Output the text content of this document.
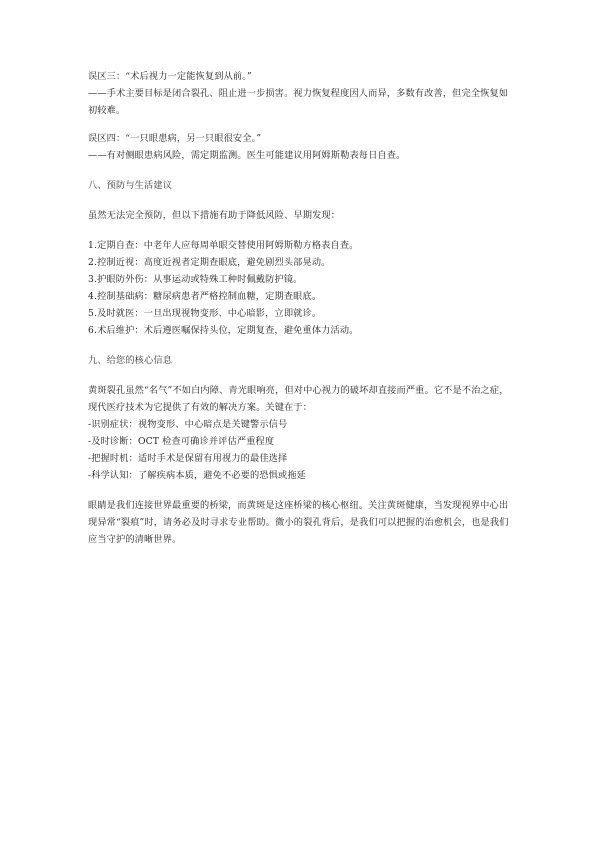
误区三：“术后视力一定能恢复到从前。”
——手术主要目标是闭合裂孔、阻止进一步损害。视力恢复程度因人而异，多数有改善，但完全恢复如初较难。
误区四：“一只眼患病，另一只眼很安全。”
——有对侧眼患病风险，需定期监测。医生可能建议用阿姆斯勒表每日自查。
八、预防与生活建议
虽然无法完全预防，但以下措施有助于降低风险、早期发现：
1.定期自查：中老年人应每周单眼交替使用阿姆斯勒方格表自查。
2.控制近视：高度近视者定期查眼底，避免剧烈头部晃动。
3.护眼防外伤：从事运动或特殊工种时佩戴防护镜。
4.控制基础病：糖尿病患者严格控制血糖，定期查眼底。
5.及时就医：一旦出现视物变形、中心暗影，立即就诊。
6.术后维护：术后遵医嘱保持头位，定期复查，避免重体力活动。
九、给您的核心信息
黄斑裂孔虽然“名气”不如白内障、青光眼响亮，但对中心视力的破坏却直接而严重。它不是不治之症，现代医疗技术为它提供了有效的解决方案。关键在于：
-识别症状：视物变形、中心暗点是关键警示信号
-及时诊断：OCT 检查可确诊并评估严重程度
-把握时机：适时手术是保留有用视力的最佳选择
-科学认知：了解疾病本质，避免不必要的恐惧或拖延
眼睛是我们连接世界最重要的桥梁，而黄斑是这座桥梁的核心枢纽。关注黄斑健康，当发现视界中心出现异常“裂痕”时，请务必及时寻求专业帮助。微小的裂孔背后，是我们可以把握的治愈机会，也是我们应当守护的清晰世界。
